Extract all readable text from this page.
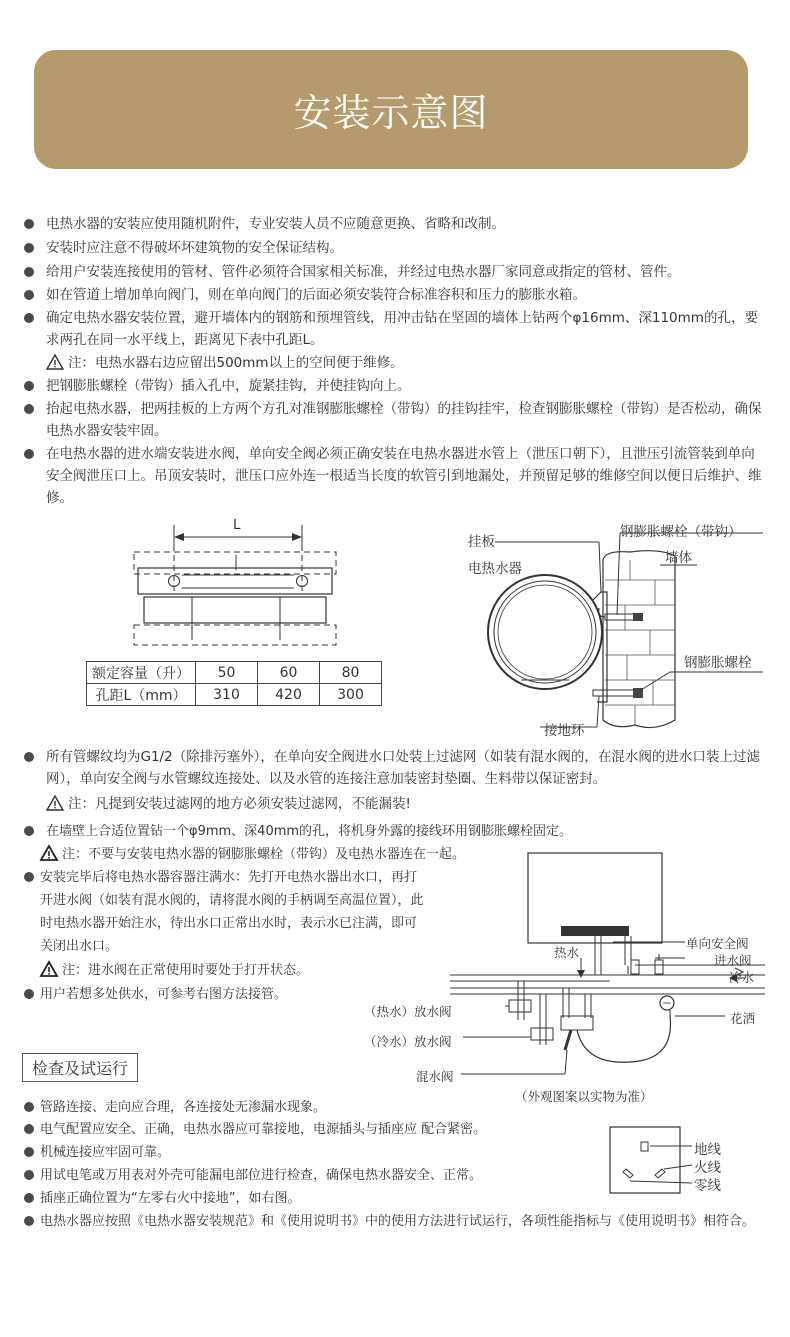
安装示意图
电热水器的安装应使用随机附件，专业安装人员不应随意更换、省略和改制。
安装时应注意不得破坏坏建筑物的安全保证结构。
给用户安装连接使用的管材、管件必须符合国家相关标准，并经过电热水器厂家同意或指定的管材、管件。
如在管道上增加单向阀门，则在单向阀门的后面必须安装符合标准容积和压力的膨胀水箱。
确定电热水器安装位置，避开墙体内的钢筋和预埋管线，用冲击钻在坚固的墙体上钻两个φ16mm、深110mm的孔，要求两孔在同一水平线上，距离见下表中孔距L。
注：电热水器右边应留出500mm以上的空间便于维修。
把钢膨胀螺栓（带钩）插入孔中，旋紧挂钩，并使挂钩向上。
抬起电热水器，把两挂板的上方两个方孔对准钢膨胀螺栓（带钩）的挂钩挂牢，检查钢膨胀螺栓（带钩）是否松动，确保电热水器安装牢固。
在电热水器的进水端安装进水阀，单向安全阀必须正确安装在电热水器进水管上（泄压口朝下），且泄压引流管装到单向安全阀泄压口上。吊顶安装时，泄压口应外连一根适当长度的软管引到地漏处，并预留足够的维修空间以便日后维护、维修。
L
额定容量（升）	50	60	80
孔距L（mm）	310	420	300
钢膨胀螺栓（带钩）
挂板
墙体
电热水器
钢膨胀螺栓
接地环
所有管螺纹均为G1/2（除排污塞外），在单向安全阀进水口处装上过滤网（如装有混水阀的，在混水阀的进水口装上过滤网），单向安全阀与水管螺纹连接处、以及水管的连接注意加装密封垫圈、生料带以保证密封。
注：凡提到安装过滤网的地方必须安装过滤网，不能漏装!
在墙壁上合适位置钻一个φ9mm、深40mm的孔，将机身外露的接线环用钢膨胀螺栓固定。
注：不要与安装电热水器的钢膨胀螺栓（带钩）及电热水器连在一起。
安装完毕后将电热水器容器注满水：先打开电热水器出水口，再打开进水阀（如装有混水阀的，请将混水阀的手柄调至高温位置），此时电热水器开始注水，待出水口正常出水时，表示水已注满，即可关闭出水口。
注：进水阀在正常使用时要处于打开状态。
用户若想多处供水，可参考右图方法接管。
热水
单向安全阀
进水阀
冷水
（热水）放水阀	花洒
（冷水）放水阀
混水阀
（外观图案以实物为准）
检查及试运行
管路连接、走向应合理，各连接处无渗漏水现象。
电气配置应安全、正确，电热水器应可靠接地，电源插头与插座应 配合紧密。
机械连接应牢固可靠。
用试电笔或万用表对外壳可能漏电部位进行检查，确保电热水器安全、正常。
插座正确位置为“左零右火中接地”，如右图。
电热水器应按照《电热水器安装规范》和《使用说明书》中的使用方法进行试运行，各项性能指标与《使用说明书》相符合。
地线
火线
零线
